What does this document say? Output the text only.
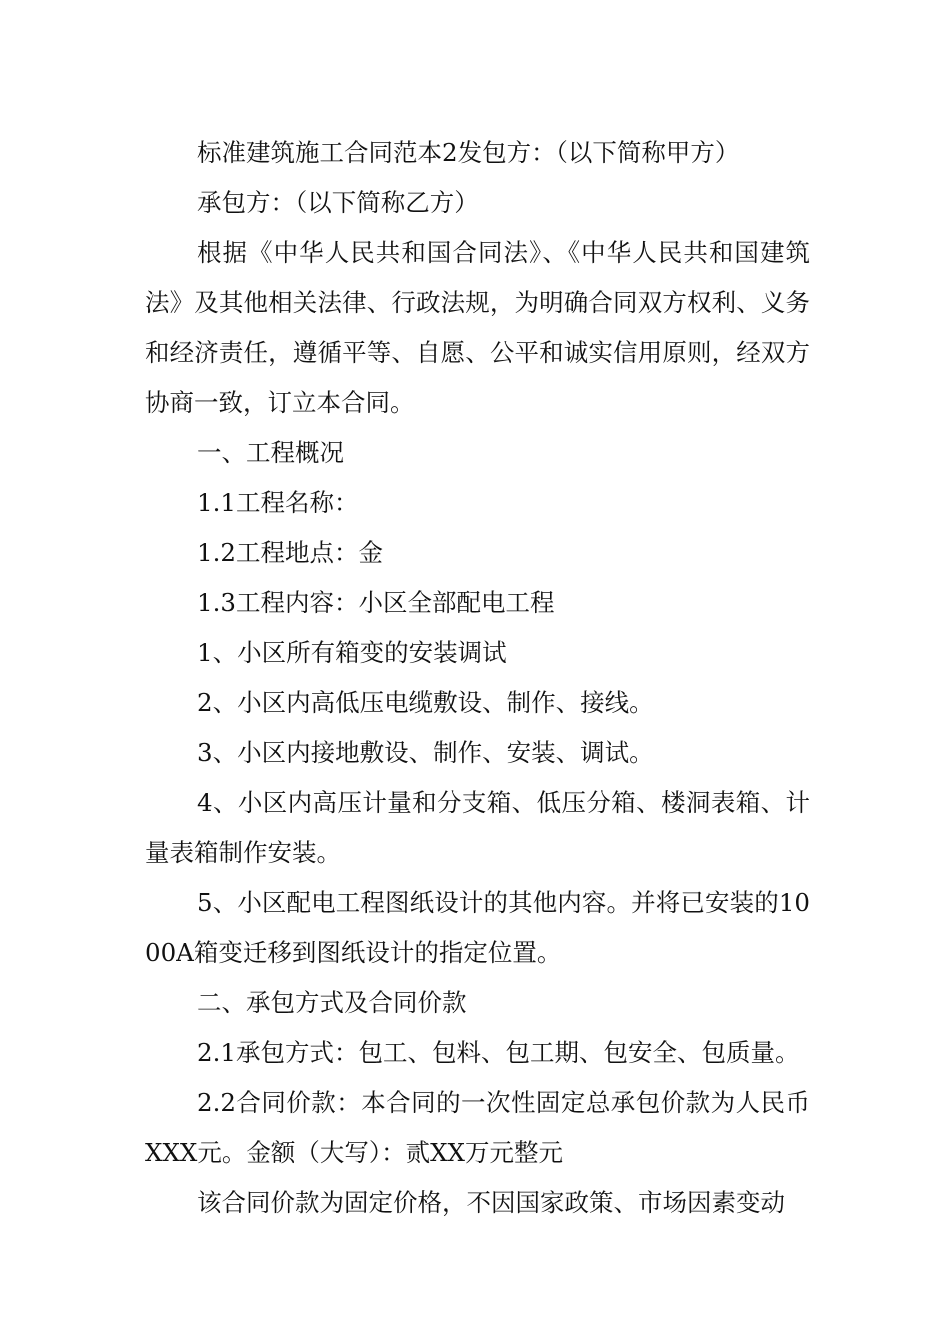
标准建筑施工合同范本2发包方：（以下简称甲方）

承包方：（以下简称乙方）

根据《中华人民共和国合同法》、《中华人民共和国建筑法》及其他相关法律、行政法规，为明确合同双方权利、义务和经济责任，遵循平等、自愿、公平和诚实信用原则，经双方协商一致，订立本合同。

一、工程概况

1.1工程名称：

1.2工程地点：金

1.3工程内容：小区全部配电工程

1、小区所有箱变的安装调试

2、小区内高低压电缆敷设、制作、接线。

3、小区内接地敷设、制作、安装、调试。

4、小区内高压计量和分支箱、低压分箱、楼洞表箱、计量表箱制作安装。

5、小区配电工程图纸设计的其他内容。并将已安装的1000A箱变迁移到图纸设计的指定位置。

二、承包方式及合同价款

2.1承包方式：包工、包料、包工期、包安全、包质量。

2.2合同价款：本合同的一次性固定总承包价款为人民币XXX元。金额（大写）：贰XX万元整元

该合同价款为固定价格，不因国家政策、市场因素变动
